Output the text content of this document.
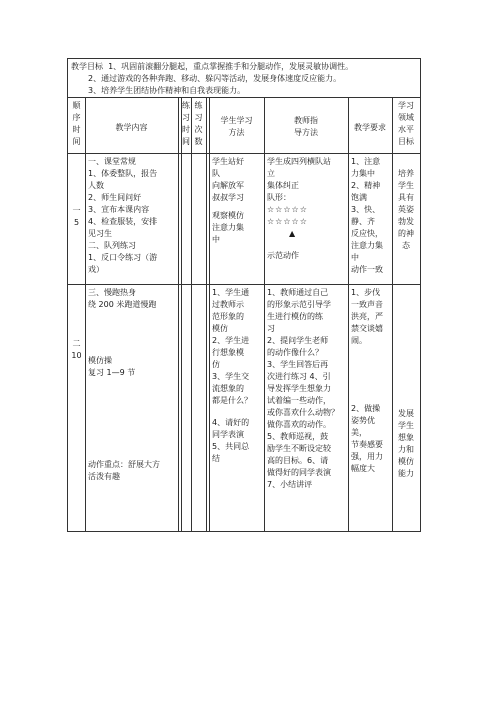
教学目标 1、巩固前滚翻分腿起，重点掌握推手和分腿动作，发展灵敏协调性。
2、通过游戏的各种奔跑、移动、躲闪等活动，发展身体速度反应能力。
3、培养学生团结协作精神和自我表现能力。
顺
序
时
间
教学内容
练
习
时
间
练
习
次
数
学生学习
方法
教师指
导方法
教学要求
学习
领域
水平
目标
一
5
一、课堂常规
1、体委整队，报告
人数
2、师生间问好
3、宣布本课内容
4、检查服装，安排
见习生
二、队列练习
1、反口令练习（游
戏）
学生站好
队
向解放军
叔叔学习
观察模仿
注意力集
中
学生成四列横队站
立
集体纠正
队形：
☆☆☆☆☆
☆☆☆☆☆
▲
示范动作
1、注意
力集中
2、精神
饱满
3、快、
静、齐
反应快，
注意力集
中
动作一致
培养
学生
具有
英姿
勃发
的神
态
二
10
三、慢跑热身
绕 200 米跑道慢跑
模仿操
复习 1—9 节
动作重点：舒展大方
活泼有趣
1、学生通
过教师示
范形象的
模仿
2、学生进
行想象模
仿
3、学生交
流想象的
都是什么？
4、请好的
同学表演
5、共同总
结
1、教师通过自己
的形象示范引导学
生进行模仿的练
习
2、提问学生老师
的动作像什么？
3、学生回答后再
次进行练习 4、引
导发挥学生想象力
试着编一些动作，
或你喜欢什么动物？
做你喜欢的动作。
5、教师巡视，鼓
励学生不断设定较
高的目标。6、请
做得好的同学表演
7、小结讲评
1、步伐
一致声音
洪亮，严
禁交谈嬉
闹。
2、做操
姿势优美，
节奏感要
强，用力
幅度大
发展
学生
想象
力和
模仿
能力
